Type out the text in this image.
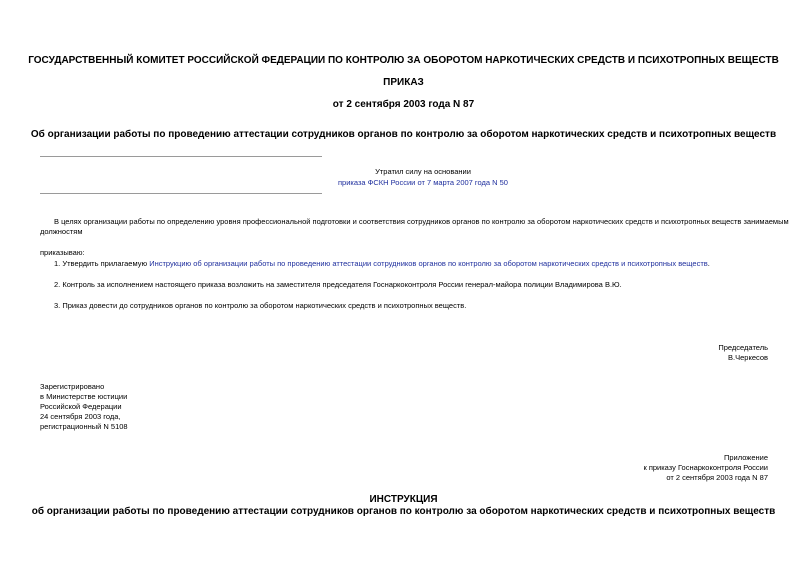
ГОСУДАРСТВЕННЫЙ КОМИТЕТ РОССИЙСКОЙ ФЕДЕРАЦИИ ПО КОНТРОЛЮ ЗА ОБОРОТОМ НАРКОТИЧЕСКИХ СРЕДСТВ И ПСИХОТРОПНЫХ ВЕЩЕСТВ
ПРИКАЗ
от 2 сентября 2003 года N 87
Об организации работы по проведению аттестации сотрудников органов по контролю за оборотом наркотических средств и психотропных веществ
Утратил силу на основании
приказа ФСКН России от 7 марта 2007 года N 50
В целях организации работы по определению уровня профессиональной подготовки и соответствия сотрудников органов по контролю за оборотом наркотических средств и психотропных веществ занимаемым
должностям
приказываю:
1. Утвердить прилагаемую Инструкцию об организации работы по проведению аттестации сотрудников органов по контролю за оборотом наркотических средств и психотропных веществ.
2. Контроль за исполнением настоящего приказа возложить на заместителя председателя Госнаркоконтроля России генерал-майора полиции Владимирова В.Ю.
3. Приказ довести до сотрудников органов по контролю за оборотом наркотических средств и психотропных веществ.
Председатель
В.Черкесов
Зарегистрировано
в Министерстве юстиции
Российской Федерации
24 сентября 2003 года,
регистрационный N 5108
Приложение
к приказу Госнаркоконтроля России
от 2 сентября 2003 года N 87
ИНСТРУКЦИЯ
об организации работы по проведению аттестации сотрудников органов по контролю за оборотом наркотических средств и психотропных веществ
